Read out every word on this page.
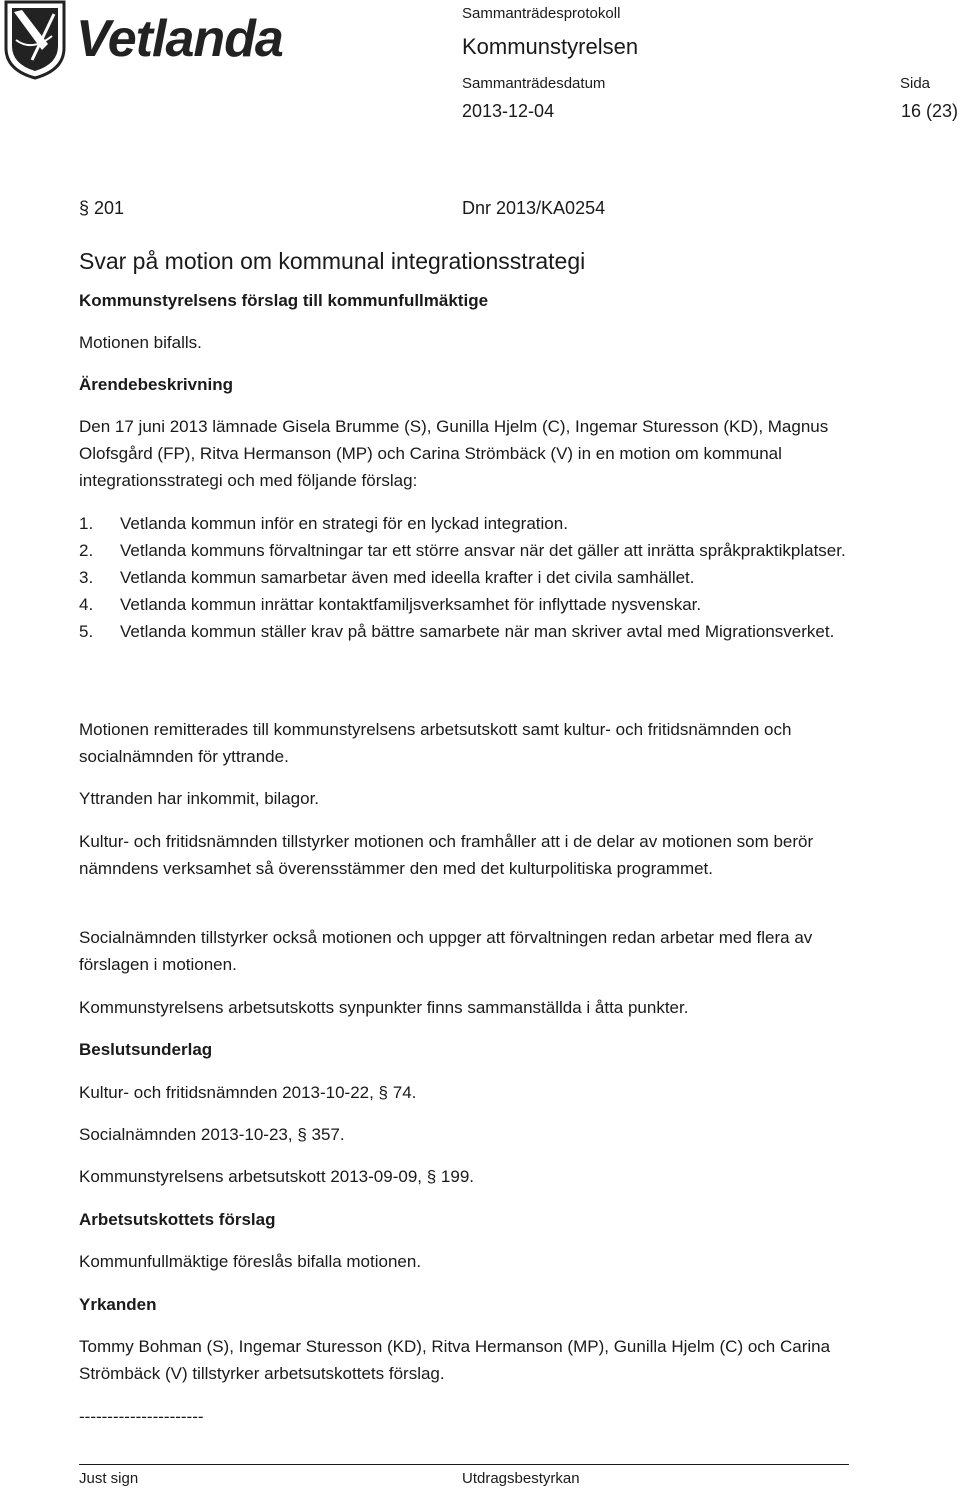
Vetlanda	Sammanträdesprotokoll
Kommunstyrelsen
Sammanträdesdatum	Sida
2013-12-04	16 (23)
§ 201	Dnr 2013/KA0254
Svar på motion om kommunal integrationsstrategi
Kommunstyrelsens förslag till kommunfullmäktige
Motionen bifalls.
Ärendebeskrivning
Den 17 juni 2013 lämnade Gisela Brumme (S), Gunilla Hjelm (C), Ingemar Sturesson (KD), Magnus Olofsgård (FP), Ritva Hermanson (MP) och Carina Strömbäck (V) in en motion om kommunal integrationsstrategi och med följande förslag:
1. Vetlanda kommun inför en strategi för en lyckad integration.
2. Vetlanda kommuns förvaltningar tar ett större ansvar när det gäller att inrätta språkpraktikplatser.
3. Vetlanda kommun samarbetar även med ideella krafter i det civila samhället.
4. Vetlanda kommun inrättar kontaktfamiljsverksamhet för inflyttade nysvenskar.
5. Vetlanda kommun ställer krav på bättre samarbete när man skriver avtal med Migrationsverket.
Motionen remitterades till kommunstyrelsens arbetsutskott samt kultur- och fritidsnämnden och socialnämnden för yttrande.
Yttranden har inkommit, bilagor.
Kultur- och fritidsnämnden tillstyrker motionen och framhåller att i de delar av motionen som berör nämndens verksamhet så överensstämmer den med det kulturpolitiska programmet.
Socialnämnden tillstyrker också motionen och uppger att förvaltningen redan arbetar med flera av förslagen i motionen.
Kommunstyrelsens arbetsutskotts synpunkter finns sammanställda i åtta punkter.
Beslutsunderlag
Kultur- och fritidsnämnden 2013-10-22, § 74.
Socialnämnden 2013-10-23, § 357.
Kommunstyrelsens arbetsutskott 2013-09-09, § 199.
Arbetsutskottets förslag
Kommunfullmäktige föreslås bifalla motionen.
Yrkanden
Tommy Bohman (S), Ingemar Sturesson (KD), Ritva Hermanson (MP), Gunilla Hjelm (C) och Carina Strömbäck (V) tillstyrker arbetsutskottets förslag.
----------------------
Just sign	Utdragsbestyrkan
